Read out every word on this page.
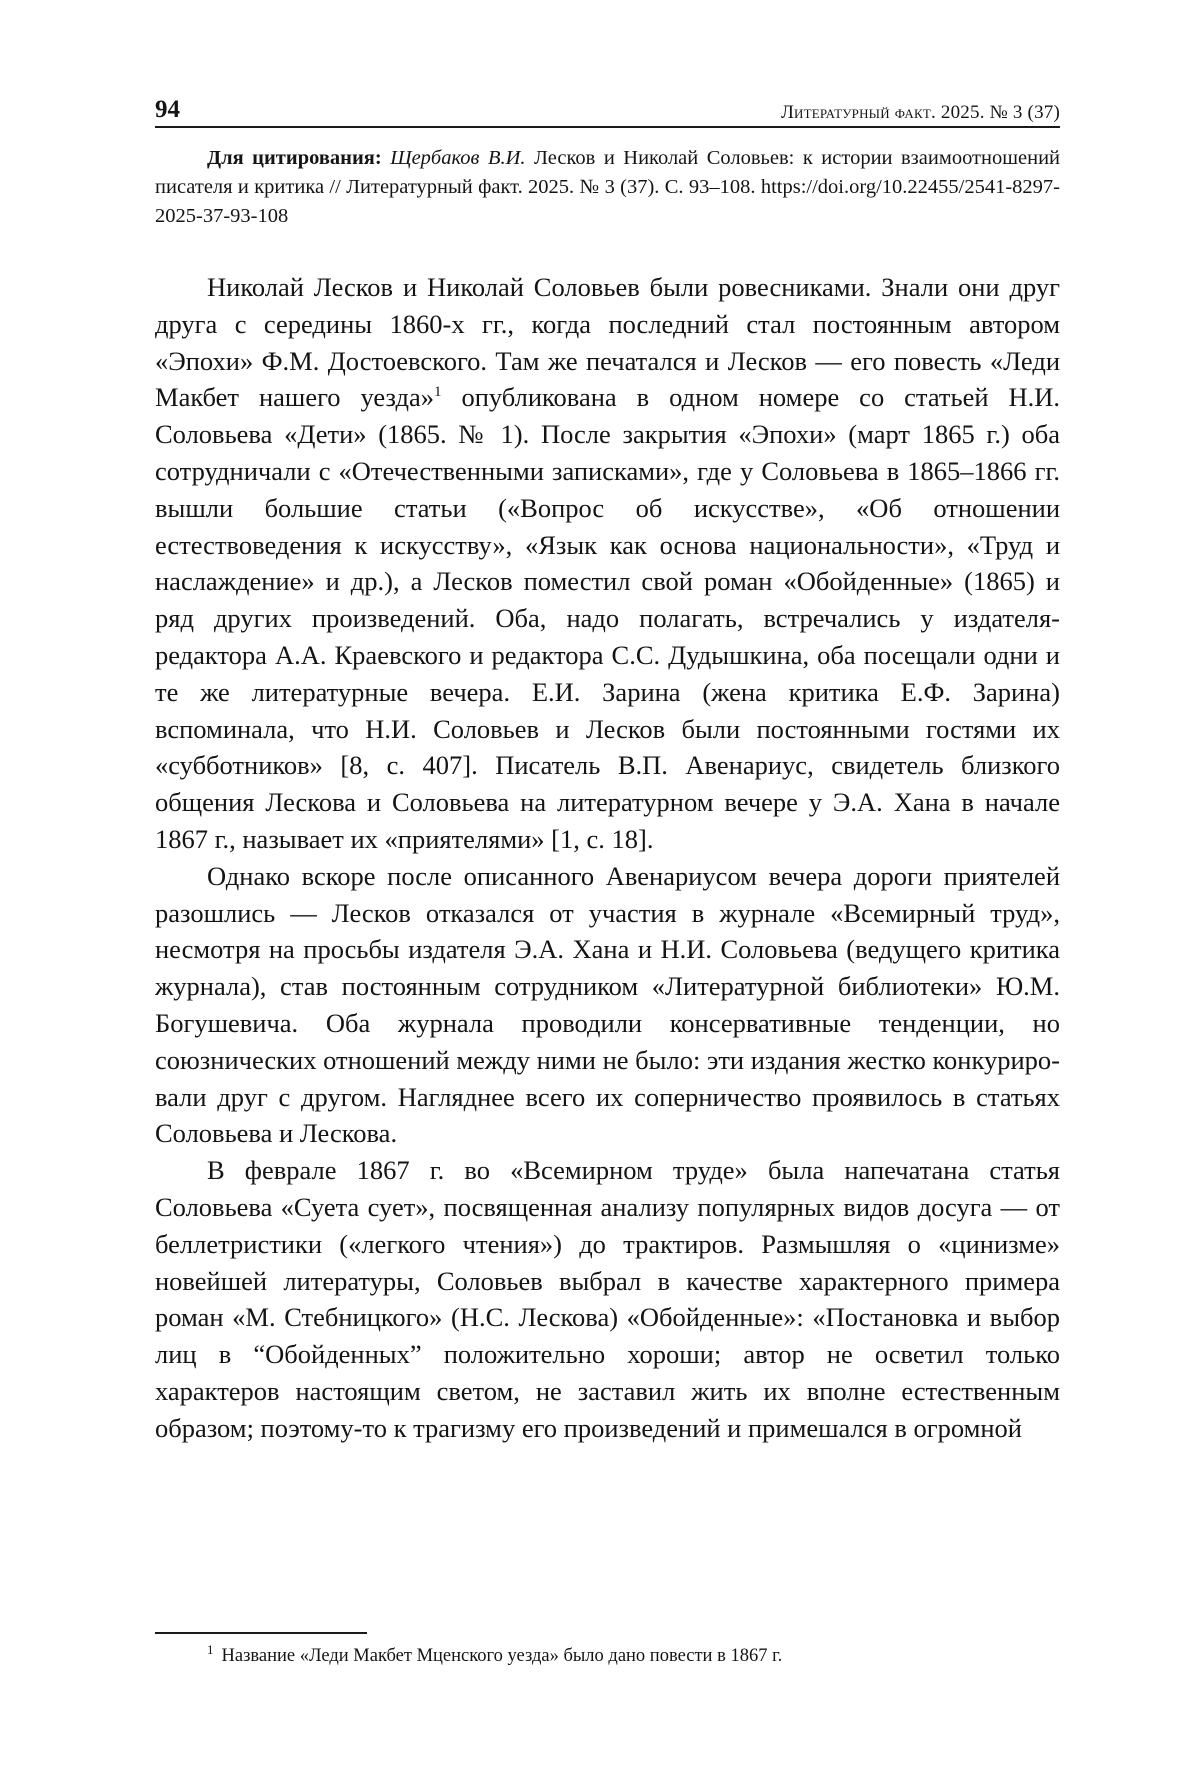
94	Литературный факт. 2025. № 3 (37)

Для цитирования: Щербаков В.И. Лесков и Николай Соловьев: к истории взаимоотношений писателя и критика // Литературный факт. 2025. № 3 (37). С. 93–108. https://doi.org/10.22455/2541-8297-2025-37-93-108

Николай Лесков и Николай Соловьев были ровесниками. Знали они друг друга с середины 1860-х гг., когда последний стал постоянным автором «Эпохи» Ф.М. Достоевского. Там же печатался и Лесков — его повесть «Леди Макбет нашего уезда»$^1$ опубликована в одном номере со статьей Н.И. Соловьева «Дети» (1865. № 1). После закрытия «Эпохи» (март 1865 г.) оба сотрудничали с «Отечественными записками», где у Соловьева в 1865–1866 гг. вышли большие статьи («Вопрос об искусстве», «Об отношении естествоведения к искусству», «Язык как основа национальности», «Труд и наслаждение» и др.), а Лесков поместил свой роман «Обойденные» (1865) и ряд других произведений. Оба, надо полагать, встречались у издателя-редактора А.А. Краевского и редактора С.С. Дудышкина, оба посещали одни и те же литературные вечера. Е.И. Зарина (жена критика Е.Ф. Зарина) вспоминала, что Н.И. Соловьев и Лесков были постоянными гостями их «субботников» [8, с. 407]. Писатель В.П. Авенариус, свидетель близкого общения Лескова и Соловьева на литературном вечере у Э.А. Хана в начале 1867 г., называет их «приятелями» [1, с. 18].

Однако вскоре после описанного Авенариусом вечера дороги приятелей разошлись — Лесков отказался от участия в журнале «Всемирный труд», несмотря на просьбы издателя Э.А. Хана и Н.И. Соловьева (ведущего критика журнала), став постоянным сотрудником «Литературной библиотеки» Ю.М. Богушевича. Оба журнала проводили консервативные тенденции, но союзнических отношений между ними не было: эти издания жестко конкурировали друг с другом. Нагляднее всего их соперничество проявилось в статьях Соловьева и Лескова.

В феврале 1867 г. во «Всемирном труде» была напечатана статья Соловьева «Суета сует», посвященная анализу популярных видов досуга — от беллетристики («легкого чтения») до трактиров. Размышляя о «цинизме» новейшей литературы, Соловьев выбрал в качестве характерного примера роман «М. Стебницкого» (Н.С. Лескова) «Обойденные»: «Постановка и выбор лиц в “Обойденных” положительно хороши; автор не осветил только характеров настоящим светом, не заставил жить их вполне естественным образом; поэтому-то к трагизму его произведений и примешался в огромной

$^1$ Название «Леди Макбет Мценского уезда» было дано повести в 1867 г.
